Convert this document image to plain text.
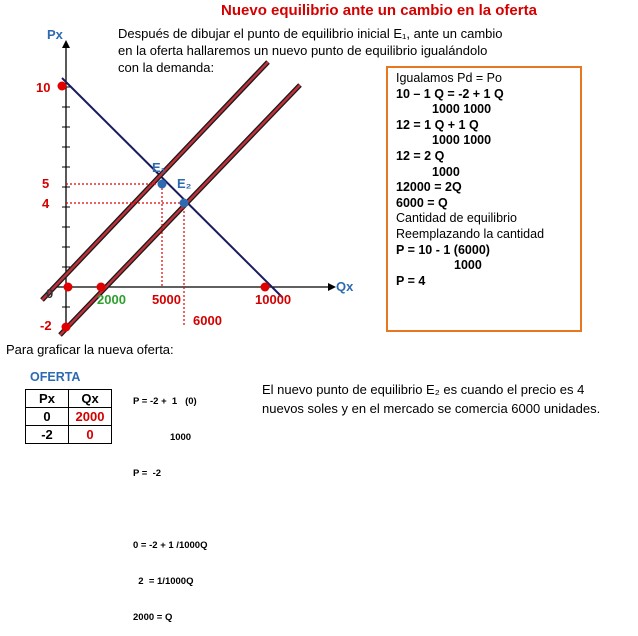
Nuevo equilibrio ante un cambio en la oferta
Después de dibujar el punto de equilibrio inicial E₁, ante un cambio
en la oferta hallaremos un nuevo punto de equilibrio igualándolo
con la demanda:
Px
Qx
10
5
4
0
-2
2000 5000	10000
6000
E₁
E₂
Igualamos Pd = Po
10 – 1 Q = -2 + 1 Q
1000 1000
12 = 1 Q + 1 Q
1000 1000
12 = 2 Q
1000
12000 = 2Q
6000 = Q
Cantidad de equilibrio
Reemplazando la cantidad
P = 10 - 1 (6000)
1000
P = 4
Para graficar la nueva oferta:
OFERTA
Px	Qx
0	2000
-2	0

P = -2 +  1   (0)

1000

P =  -2

0 = -2 + 1 /1000Q

2  = 1/1000Q

2000 = Q

El nuevo punto de equilibrio E₂ es cuando el precio es 4 nuevos soles y en el mercado se comercia 6000 unidades.
